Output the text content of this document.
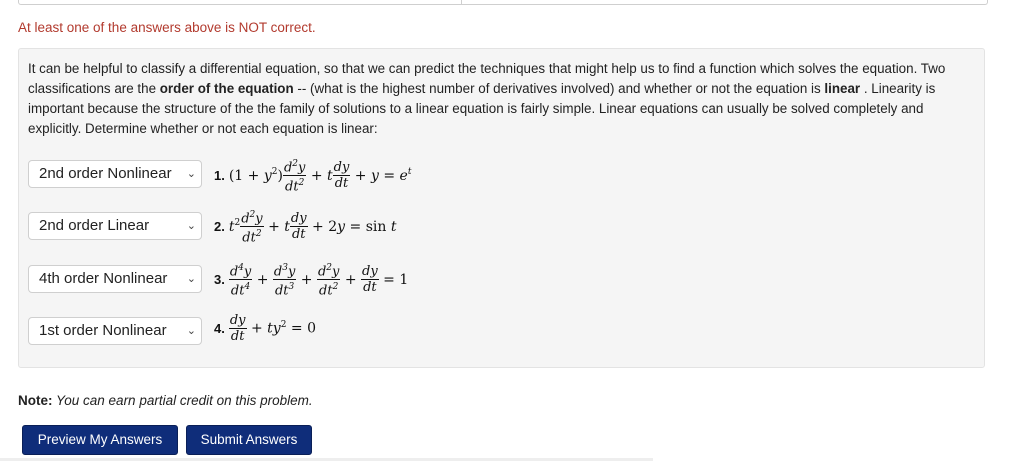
At least one of the answers above is NOT correct.
It can be helpful to classify a differential equation, so that we can predict the techniques that might help us to find a function which solves the equation. Two classifications are the order of the equation -- (what is the highest number of derivatives involved) and whether or not the equation is linear . Linearity is important because the structure of the the family of solutions to a linear equation is fairly simple. Linear equations can usually be solved completely and explicitly. Determine whether or not each equation is linear:
2nd order Nonlinear ⌄ 1. $(1 + y^2) \frac{d^2y}{dt^2} + t \frac{dy}{dt} + y = e^t$
2nd order Linear	⌄ 2. $t^2 \frac{d^2y}{dt^2} + t \frac{dy}{dt} + 2y = \sin t$
4th order Nonlinear ⌄ 3. $\frac{d^4y}{dt^4} + \frac{d^3y}{dt^3} + \frac{d^2y}{dt^2} + \frac{dy}{dt} = 1$
1st order Nonlinear ⌄ 4. $\frac{dy}{dt} + ty^2 = 0$
Note: You can earn partial credit on this problem.
Preview My Answers	Submit Answers
